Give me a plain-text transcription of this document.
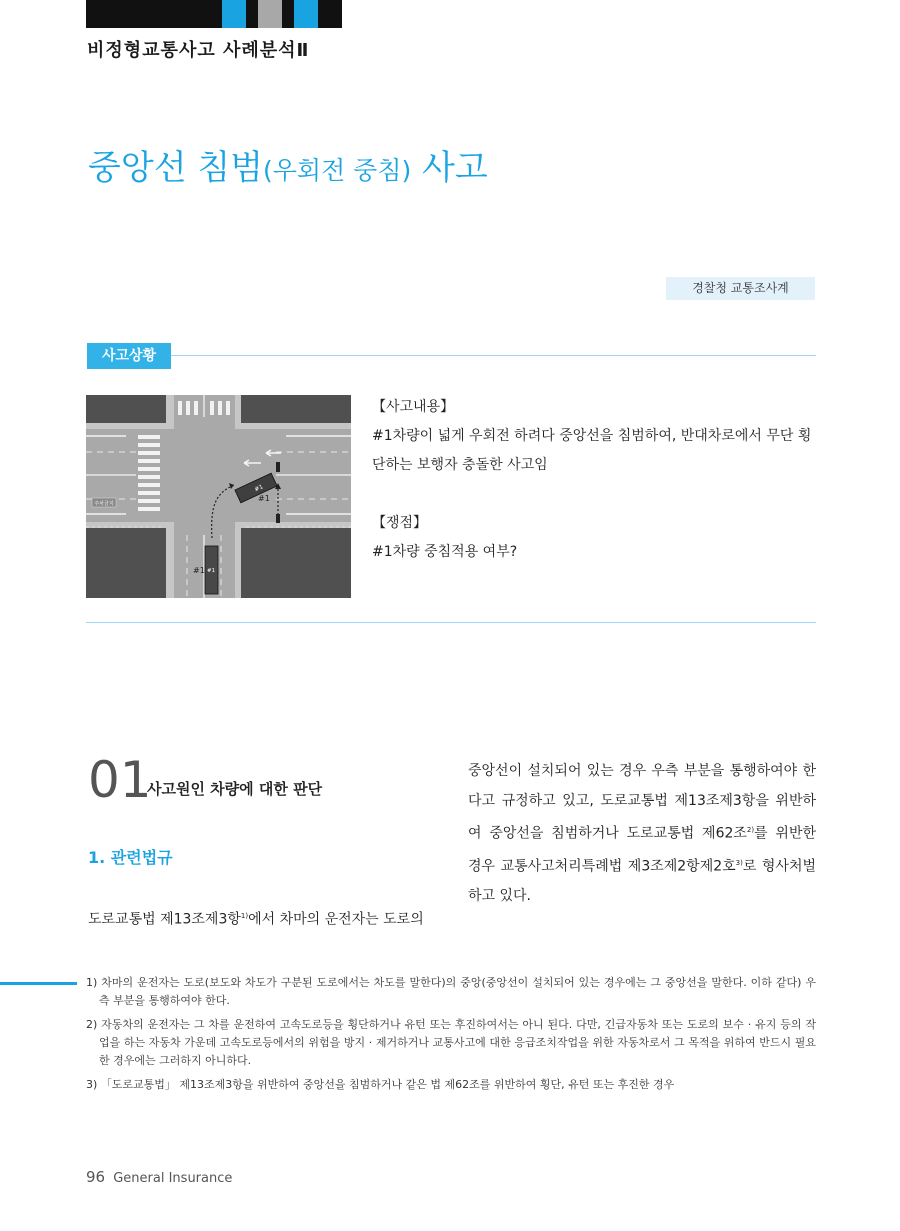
비정형교통사고 사례분석Ⅱ
중앙선 침범(우회전 중침) 사고
경찰청 교통조사계
사고상황
주차금지
#1
#1
#1
#1

【사고내용】

#1차량이 넓게 우회전 하려다 중앙선을 침범하여, 반대차로에서 무단 횡단하는 보행자 충돌한 사고임

【쟁점】

#1차량 중침적용 여부?

01
사고원인 차량에 대한 판단
1. 관련법규
도로교통법 제13조제3항$^{1)}$에서 차마의 운전자는 도로의
중앙선이 설치되어 있는 경우 우측 부분을 통행하여야 한다고 규정하고 있고, 도로교통법 제13조제3항을 위반하여 중앙선을 침범하거나 도로교통법 제62조$^{2)}$를 위반한 경우 교통사고처리특례법 제3조제2항제2호$^{3)}$로 형사처벌하고 있다.

1) 차마의 운전자는 도로(보도와 차도가 구분된 도로에서는 차도를 말한다)의 중앙(중앙선이 설치되어 있는 경우에는 그 중앙선을 말한다. 이하 같다) 우측 부분을 통행하여야 한다.

2) 자동차의 운전자는 그 차를 운전하여 고속도로등을 횡단하거나 유턴 또는 후진하여서는 아니 된다. 다만, 긴급자동차 또는 도로의 보수 · 유지 등의 작업을 하는 자동차 가운데 고속도로등에서의 위험을 방지 · 제거하거나 교통사고에 대한 응급조치작업을 위한 자동차로서 그 목적을 위하여 반드시 필요한 경우에는 그러하지 아니하다.

3) 「도로교통법」 제13조제3항을 위반하여 중앙선을 침범하거나 같은 법 제62조를 위반하여 횡단, 유턴 또는 후진한 경우

96 General Insurance
